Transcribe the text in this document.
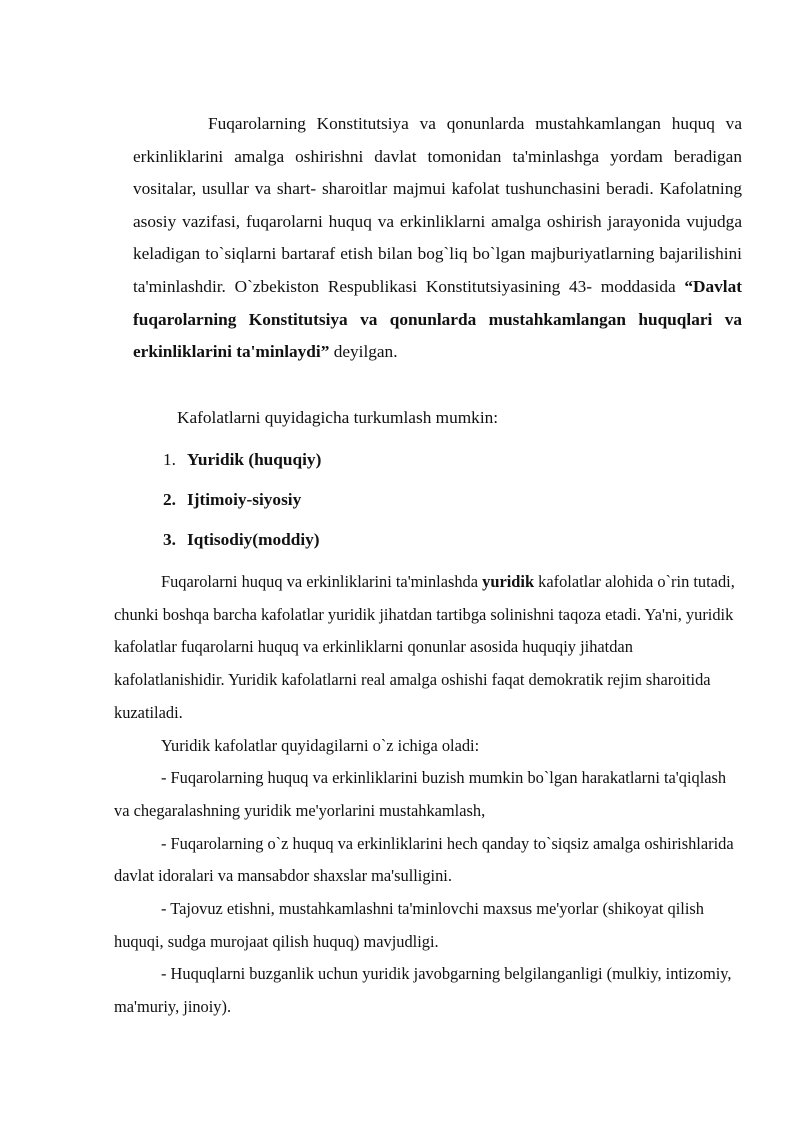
Fuqarolarning Konstitutsiya va qonunlarda mustahkamlangan huquq va erkinliklarini amalga oshirishni davlat tomonidan ta'minlashga yordam beradigan vositalar, usullar va shart- sharoitlar majmui kafolat tushunchasini beradi. Kafolatning asosiy vazifasi, fuqarolarni huquq va erkinliklarni amalga oshirish jarayonida vujudga keladigan to`siqlarni bartaraf etish bilan bog`liq bo`lgan majburiyatlarning bajarilishini ta'minlashdir. O`zbekiston Respublikasi Konstitutsiyasining 43- moddasida “Davlat fuqarolarning Konstitutsiya va qonunlarda mustahkamlangan huquqlari va erkinliklarini ta'minlaydi” deyilgan.

Kafolatlarni quyidagicha turkumlash mumkin:
1. Yuridik (huquqiy)
2. Ijtimoiy-siyosiy
3. Iqtisodiy(moddiy)

Fuqarolarni huquq va erkinliklarini ta'minlashda yuridik kafolatlar alohida o`rin tutadi, chunki boshqa barcha kafolatlar yuridik jihatdan tartibga solinishni taqoza etadi. Ya'ni, yuridik kafolatlar fuqarolarni huquq va erkinliklarni qonunlar asosida huquqiy jihatdan kafolatlanishidir. Yuridik kafolatlarni real amalga oshishi faqat demokratik rejim sharoitida kuzatiladi.

Yuridik kafolatlar quyidagilarni o`z ichiga oladi:

- Fuqarolarning huquq va erkinliklarini buzish mumkin bo`lgan harakatlarni ta'qiqlash va chegaralashning yuridik me'yorlarini mustahkamlash,

- Fuqarolarning o`z huquq va erkinliklarini hech qanday to`siqsiz amalga oshirishlarida davlat idoralari va mansabdor shaxslar ma'sulligini.

- Tajovuz etishni, mustahkamlashni ta'minlovchi maxsus me'yorlar (shikoyat qilish huquqi, sudga murojaat qilish huquq) mavjudligi.

- Huquqlarni buzganlik uchun yuridik javobgarning belgilanganligi (mulkiy, intizomiy, ma'muriy, jinoiy).
